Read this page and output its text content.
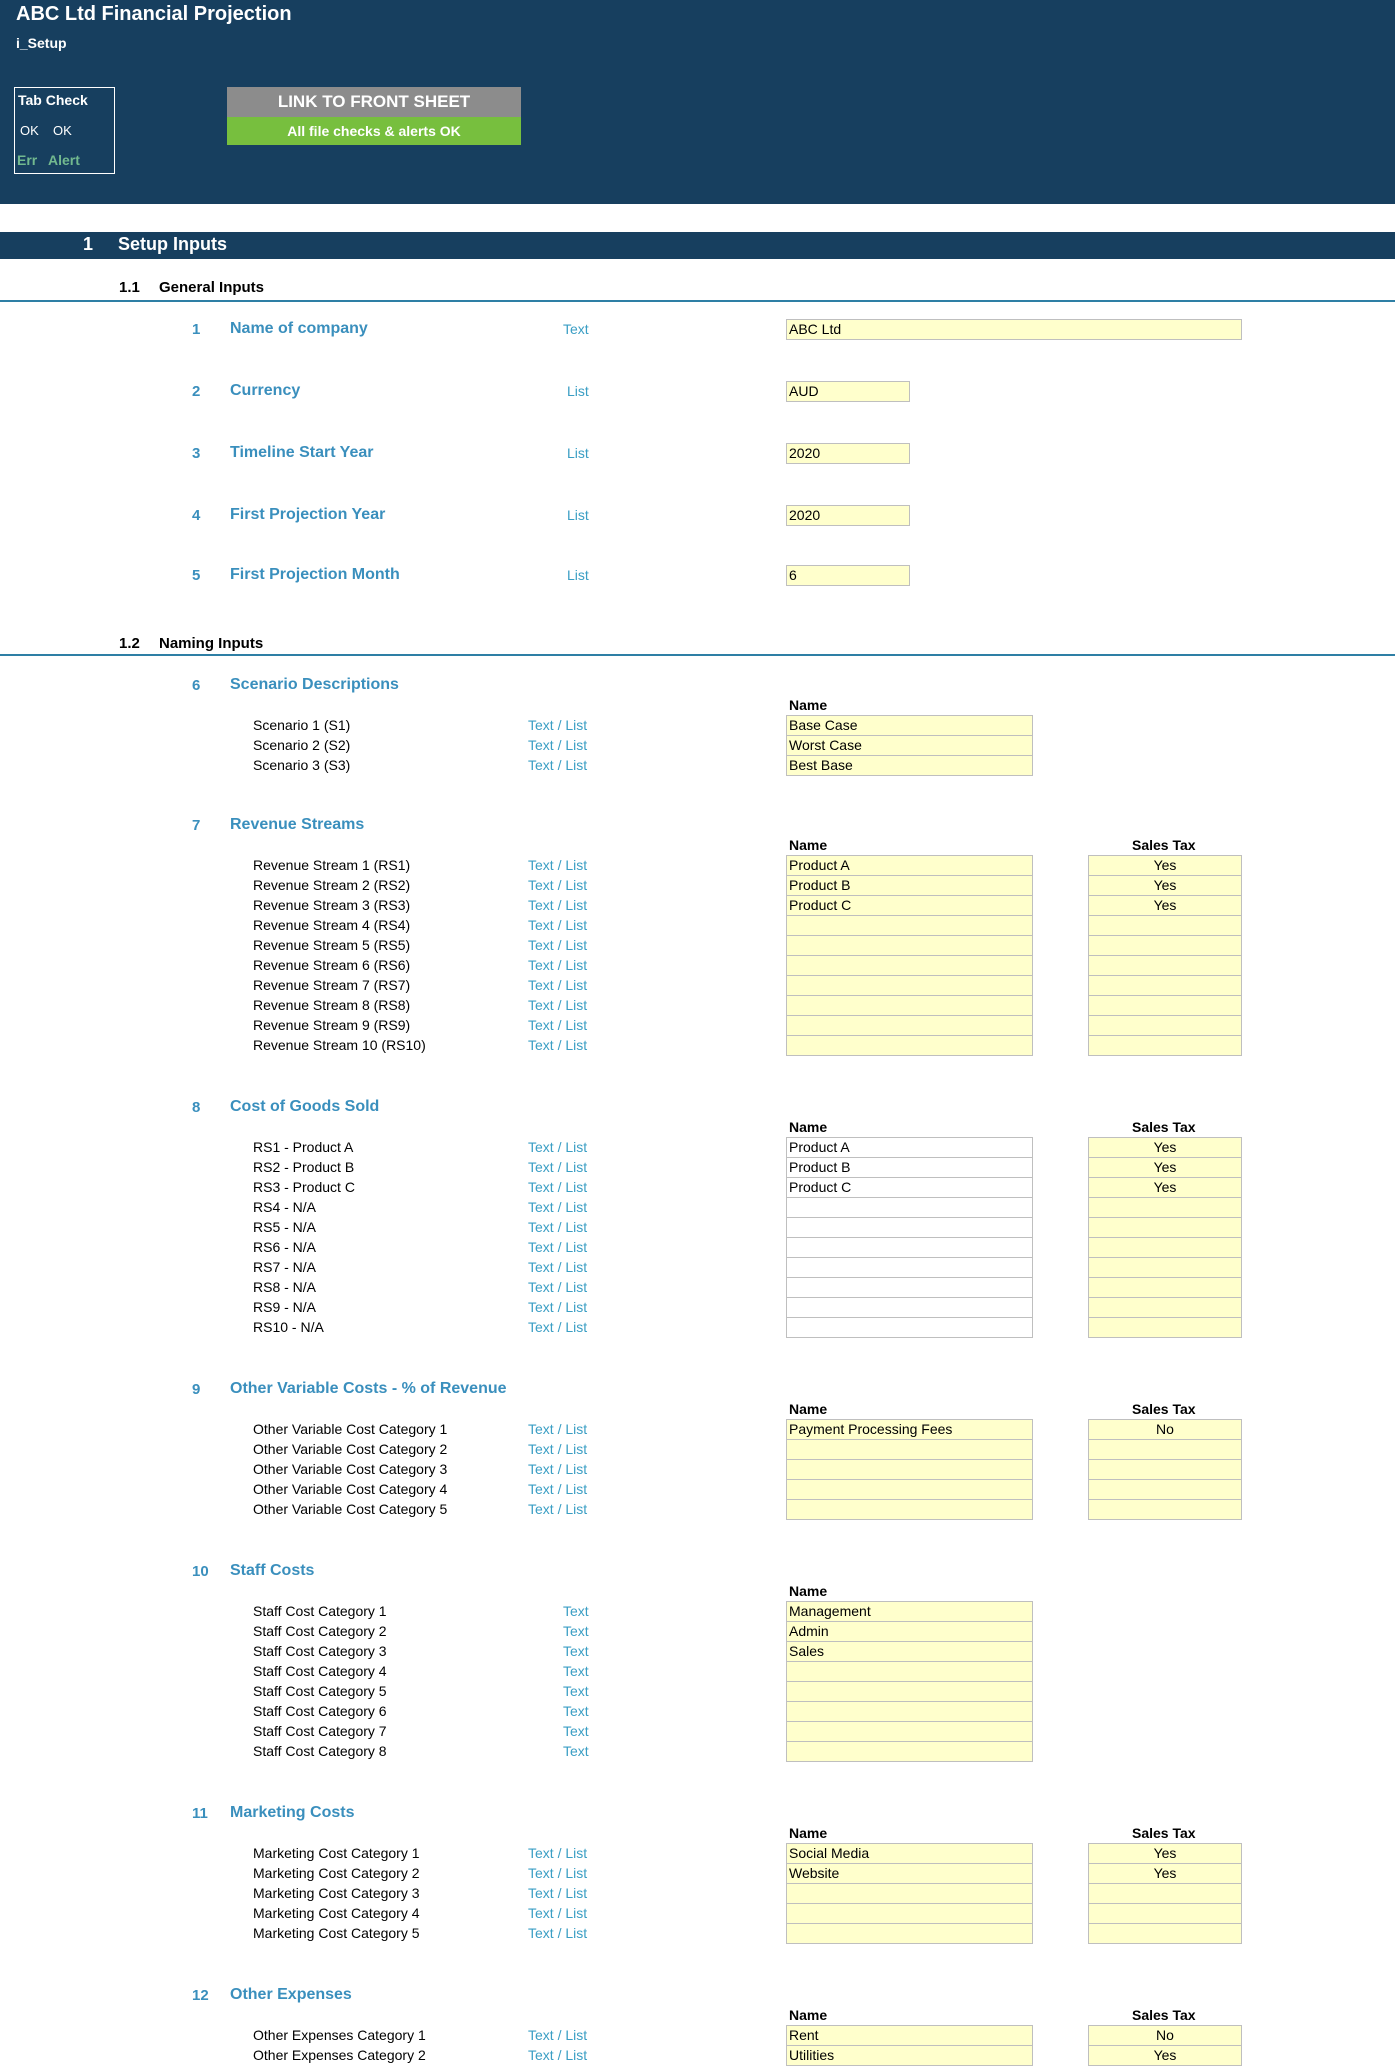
ABC Ltd Financial Projection
i_Setup
Tab Check
OK OK
Err Alert
LINK TO FRONT SHEET
All file checks & alerts OK
1 Setup Inputs
1.1 General Inputs
1 Name of company	Text	ABC Ltd
2 Currency	List	AUD
3 Timeline Start Year	List	2020
4 First Projection Year	List	2020
5 First Projection Month	List	6
1.2 Naming Inputs
6 Scenario Descriptions
Name
Scenario 1 (S1)	Text / List	Base Case
Scenario 2 (S2)	Text / List	Worst Case
Scenario 3 (S3)	Text / List	Best Base
7 Revenue Streams
Name	Sales Tax
Revenue Stream 1 (RS1)	Text / List	Product A	Yes
Revenue Stream 2 (RS2)	Text / List	Product B	Yes
Revenue Stream 3 (RS3)	Text / List	Product C	Yes
Revenue Stream 4 (RS4)	Text / List
Revenue Stream 5 (RS5)	Text / List
Revenue Stream 6 (RS6)	Text / List
Revenue Stream 7 (RS7)	Text / List
Revenue Stream 8 (RS8)	Text / List
Revenue Stream 9 (RS9)	Text / List
Revenue Stream 10 (RS10)	Text / List
8 Cost of Goods Sold
Name	Sales Tax
RS1 - Product A	Text / List	Product A	Yes
RS2 - Product B	Text / List	Product B	Yes
RS3 - Product C	Text / List	Product C	Yes
RS4 - N/A	Text / List
RS5 - N/A	Text / List
RS6 - N/A	Text / List
RS7 - N/A	Text / List
RS8 - N/A	Text / List
RS9 - N/A	Text / List
RS10 - N/A	Text / List
9 Other Variable Costs - % of Revenue
Name	Sales Tax
Other Variable Cost Category 1	Text / List	Payment Processing Fees	No
Other Variable Cost Category 2	Text / List
Other Variable Cost Category 3	Text / List
Other Variable Cost Category 4	Text / List
Other Variable Cost Category 5	Text / List
10 Staff Costs
Name
Staff Cost Category 1	Text	Management
Staff Cost Category 2	Text	Admin
Staff Cost Category 3	Text	Sales
Staff Cost Category 4	Text
Staff Cost Category 5	Text
Staff Cost Category 6	Text
Staff Cost Category 7	Text
Staff Cost Category 8	Text
11 Marketing Costs
Name	Sales Tax
Marketing Cost Category 1	Text / List	Social Media	Yes
Marketing Cost Category 2	Text / List	Website	Yes
Marketing Cost Category 3	Text / List
Marketing Cost Category 4	Text / List
Marketing Cost Category 5	Text / List
12 Other Expenses
Name	Sales Tax
Other Expenses Category 1	Text / List	Rent	No
Other Expenses Category 2	Text / List	Utilities	Yes
